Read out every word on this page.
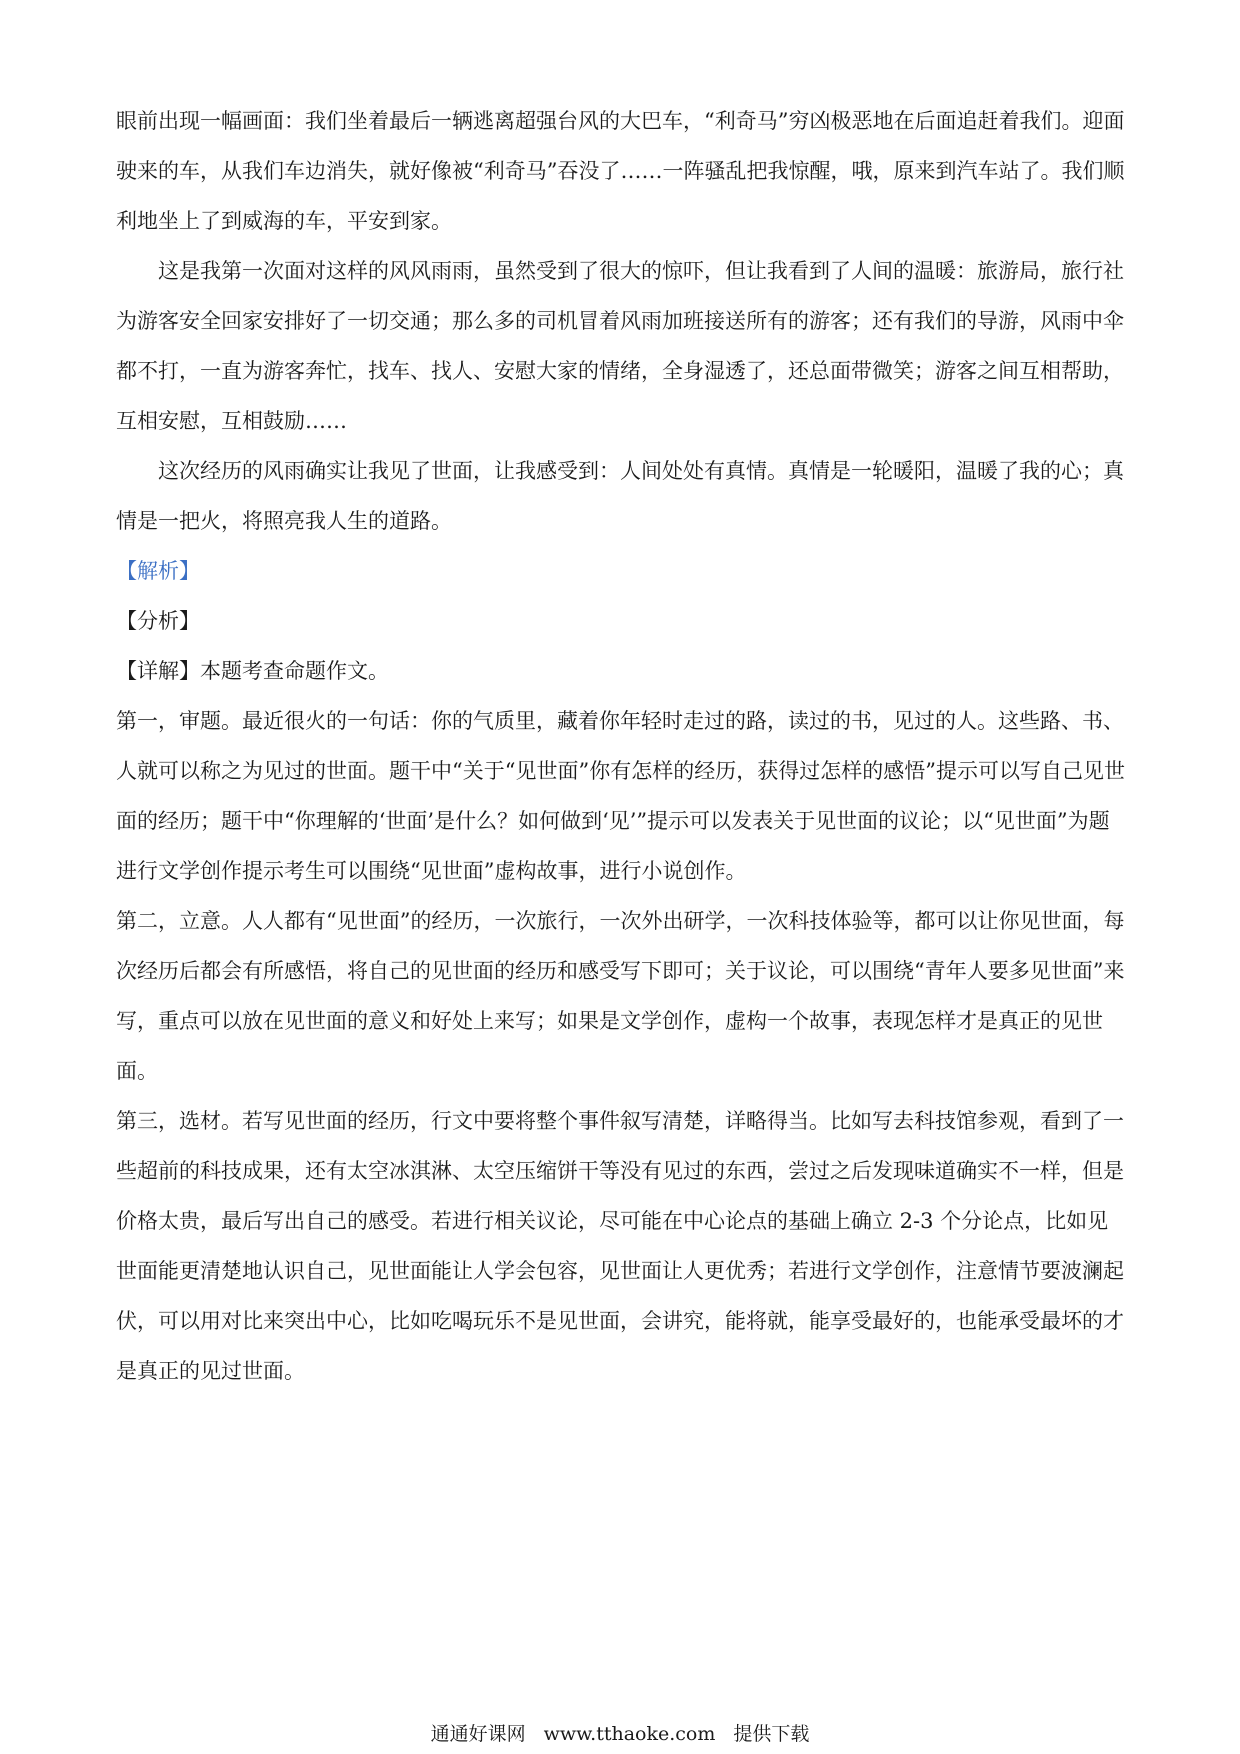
眼前出现一幅画面：我们坐着最后一辆逃离超强台风的大巴车，“利奇马”穷凶极恶地在后面追赶着我们。迎面驶来的车，从我们车边消失，就好像被“利奇马”吞没了……一阵骚乱把我惊醒，哦，原来到汽车站了。我们顺利地坐上了到威海的车，平安到家。

这是我第一次面对这样的风风雨雨，虽然受到了很大的惊吓，但让我看到了人间的温暖：旅游局，旅行社为游客安全回家安排好了一切交通；那么多的司机冒着风雨加班接送所有的游客；还有我们的导游，风雨中伞都不打，一直为游客奔忙，找车、找人、安慰大家的情绪，全身湿透了，还总面带微笑；游客之间互相帮助，互相安慰，互相鼓励……

这次经历的风雨确实让我见了世面，让我感受到：人间处处有真情。真情是一轮暖阳，温暖了我的心；真情是一把火，将照亮我人生的道路。

【解析】

【分析】

【详解】本题考查命题作文。

第一，审题。最近很火的一句话：你的气质里，藏着你年轻时走过的路，读过的书，见过的人。这些路、书、人就可以称之为见过的世面。题干中“关于“见世面”你有怎样的经历，获得过怎样的感悟”提示可以写自己见世面的经历；题干中“你理解的‘世面’是什么？如何做到‘见’”提示可以发表关于见世面的议论；以“见世面”为题进行文学创作提示考生可以围绕“见世面”虚构故事，进行小说创作。

第二，立意。人人都有“见世面”的经历，一次旅行，一次外出研学，一次科技体验等，都可以让你见世面，每次经历后都会有所感悟，将自己的见世面的经历和感受写下即可；关于议论，可以围绕“青年人要多见世面”来写，重点可以放在见世面的意义和好处上来写；如果是文学创作，虚构一个故事，表现怎样才是真正的见世面。

第三，选材。若写见世面的经历，行文中要将整个事件叙写清楚，详略得当。比如写去科技馆参观，看到了一些超前的科技成果，还有太空冰淇淋、太空压缩饼干等没有见过的东西，尝过之后发现味道确实不一样，但是价格太贵，最后写出自己的感受。若进行相关议论，尽可能在中心论点的基础上确立 2-3 个分论点，比如见世面能更清楚地认识自己，见世面能让人学会包容，见世面让人更优秀；若进行文学创作，注意情节要波澜起伏，可以用对比来突出中心，比如吃喝玩乐不是见世面，会讲究，能将就，能享受最好的，也能承受最坏的才是真正的见过世面。

通通好课网 www.tthaoke.com 提供下载
